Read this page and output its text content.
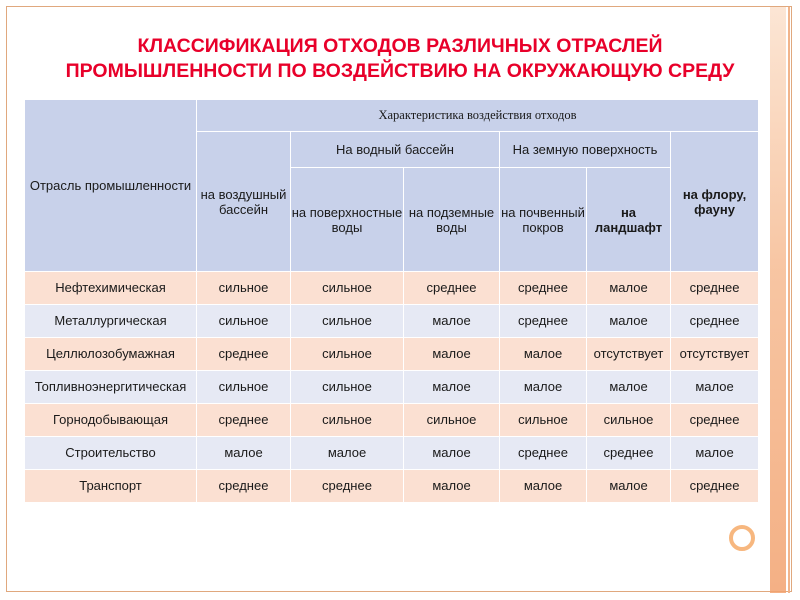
КЛАССИФИКАЦИЯ ОТХОДОВ РАЗЛИЧНЫХ ОТРАСЛЕЙ ПРОМЫШЛЕННОСТИ ПО ВОЗДЕЙСТВИЮ НА ОКРУЖАЮЩУЮ СРЕДУ
Отрасль промышленности	Характеристика воздействия отходов					
	на воздушный бассейн	На водный бассейн		На земную поверхность		на флору, фауну
		на поверхностные воды	на подземные воды	на почвенный покров	на ландшафт	
Нефтехимическая	сильное	сильное	среднее	среднее	малое	среднее
Металлургическая	сильное	сильное	малое	среднее	малое	среднее
Целлюлозобумажная	среднее	сильное	малое	малое	отсутствует	отсутствует
Топливноэнергитическая	сильное	сильное	малое	малое	малое	малое
Горнодобывающая	среднее	сильное	сильное	сильное	сильное	среднее
Строительство	малое	малое	малое	среднее	среднее	малое
Транспорт	среднее	среднее	малое	малое	малое	среднее
